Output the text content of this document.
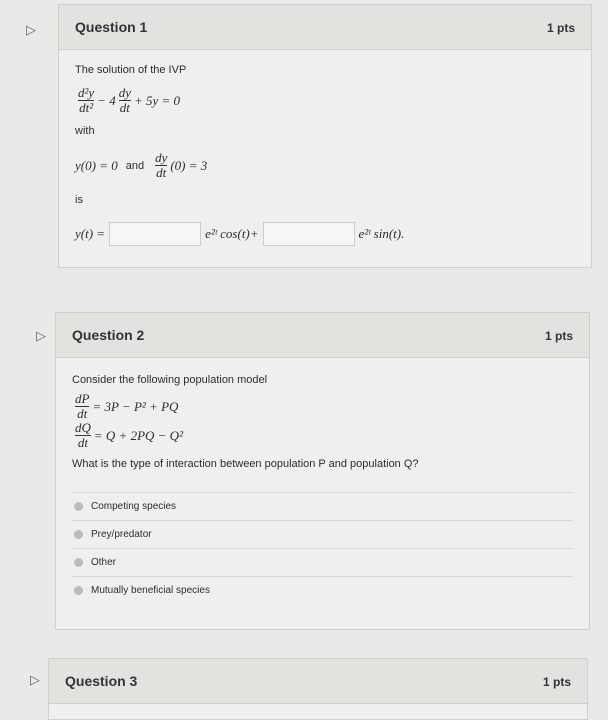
▷	Question 1	1 pts
The solution of the IVP
$\frac{\text{d²y}}{\text{dt²}} - 4 \frac{dy}{dt} + 5y = 0$
with
y(0) = 0 and $\frac{dy}{dt} (0) = 3$
is
y(t) =	e²ᵗ cos(t)+	e²ᵗ sin(t).
▷ Question 2	1 pts
Consider the following population model
$\frac{dP}{dt} = 3P - P^2$ + PQ
$\frac{dQ}{dt} = Q + 2PQ - Q^2$
What is the type of interaction between population P and population Q?
Competing species
Prey/predator
Other
Mutually beneficial species
▷ Question 3	1 pts
